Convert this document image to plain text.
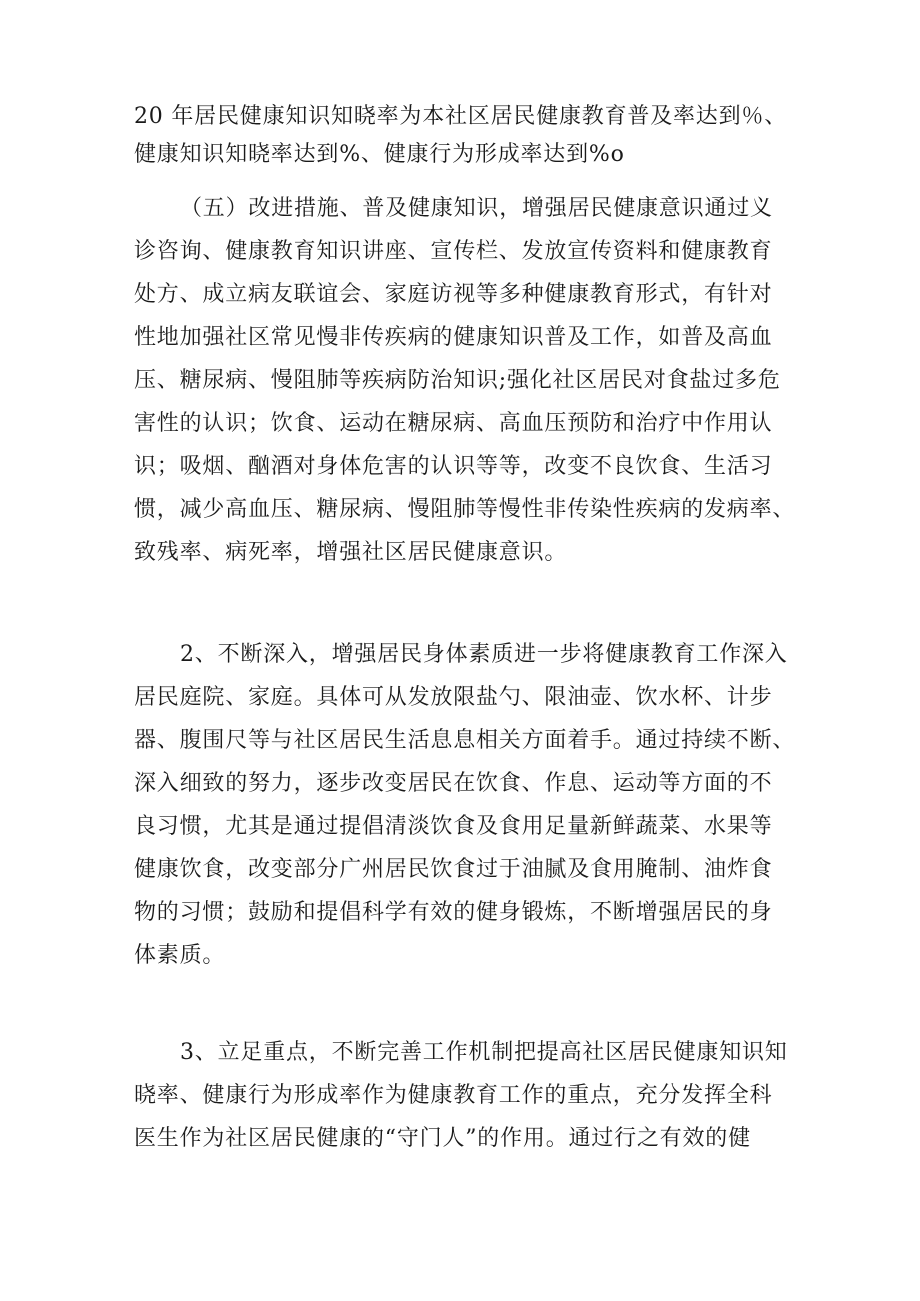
20 年居民健康知识知晓率为本社区居民健康教育普及率达到％、
健康知识知晓率达到%、健康行为形成率达到%o
（五）改进措施、普及健康知识，增强居民健康意识通过义
诊咨询、健康教育知识讲座、宣传栏、发放宣传资料和健康教育
处方、成立病友联谊会、家庭访视等多种健康教育形式，有针对
性地加强社区常见慢非传疾病的健康知识普及工作，如普及高血
压、糖尿病、慢阻肺等疾病防治知识;强化社区居民对食盐过多危
害性的认识；饮食、运动在糖尿病、高血压预防和治疗中作用认
识；吸烟、酗酒对身体危害的认识等等，改变不良饮食、生活习
惯，减少高血压、糖尿病、慢阻肺等慢性非传染性疾病的发病率、
致残率、病死率，增强社区居民健康意识。
2、不断深入，增强居民身体素质进一步将健康教育工作深入
居民庭院、家庭。具体可从发放限盐勺、限油壶、饮水杯、计步
器、腹围尺等与社区居民生活息息相关方面着手。通过持续不断、
深入细致的努力，逐步改变居民在饮食、作息、运动等方面的不
良习惯，尤其是通过提倡清淡饮食及食用足量新鲜蔬菜、水果等
健康饮食，改变部分广州居民饮食过于油腻及食用腌制、油炸食
物的习惯；鼓励和提倡科学有效的健身锻炼，不断增强居民的身
体素质。
3、立足重点，不断完善工作机制把提高社区居民健康知识知
晓率、健康行为形成率作为健康教育工作的重点，充分发挥全科
医生作为社区居民健康的“守门人”的作用。通过行之有效的健
